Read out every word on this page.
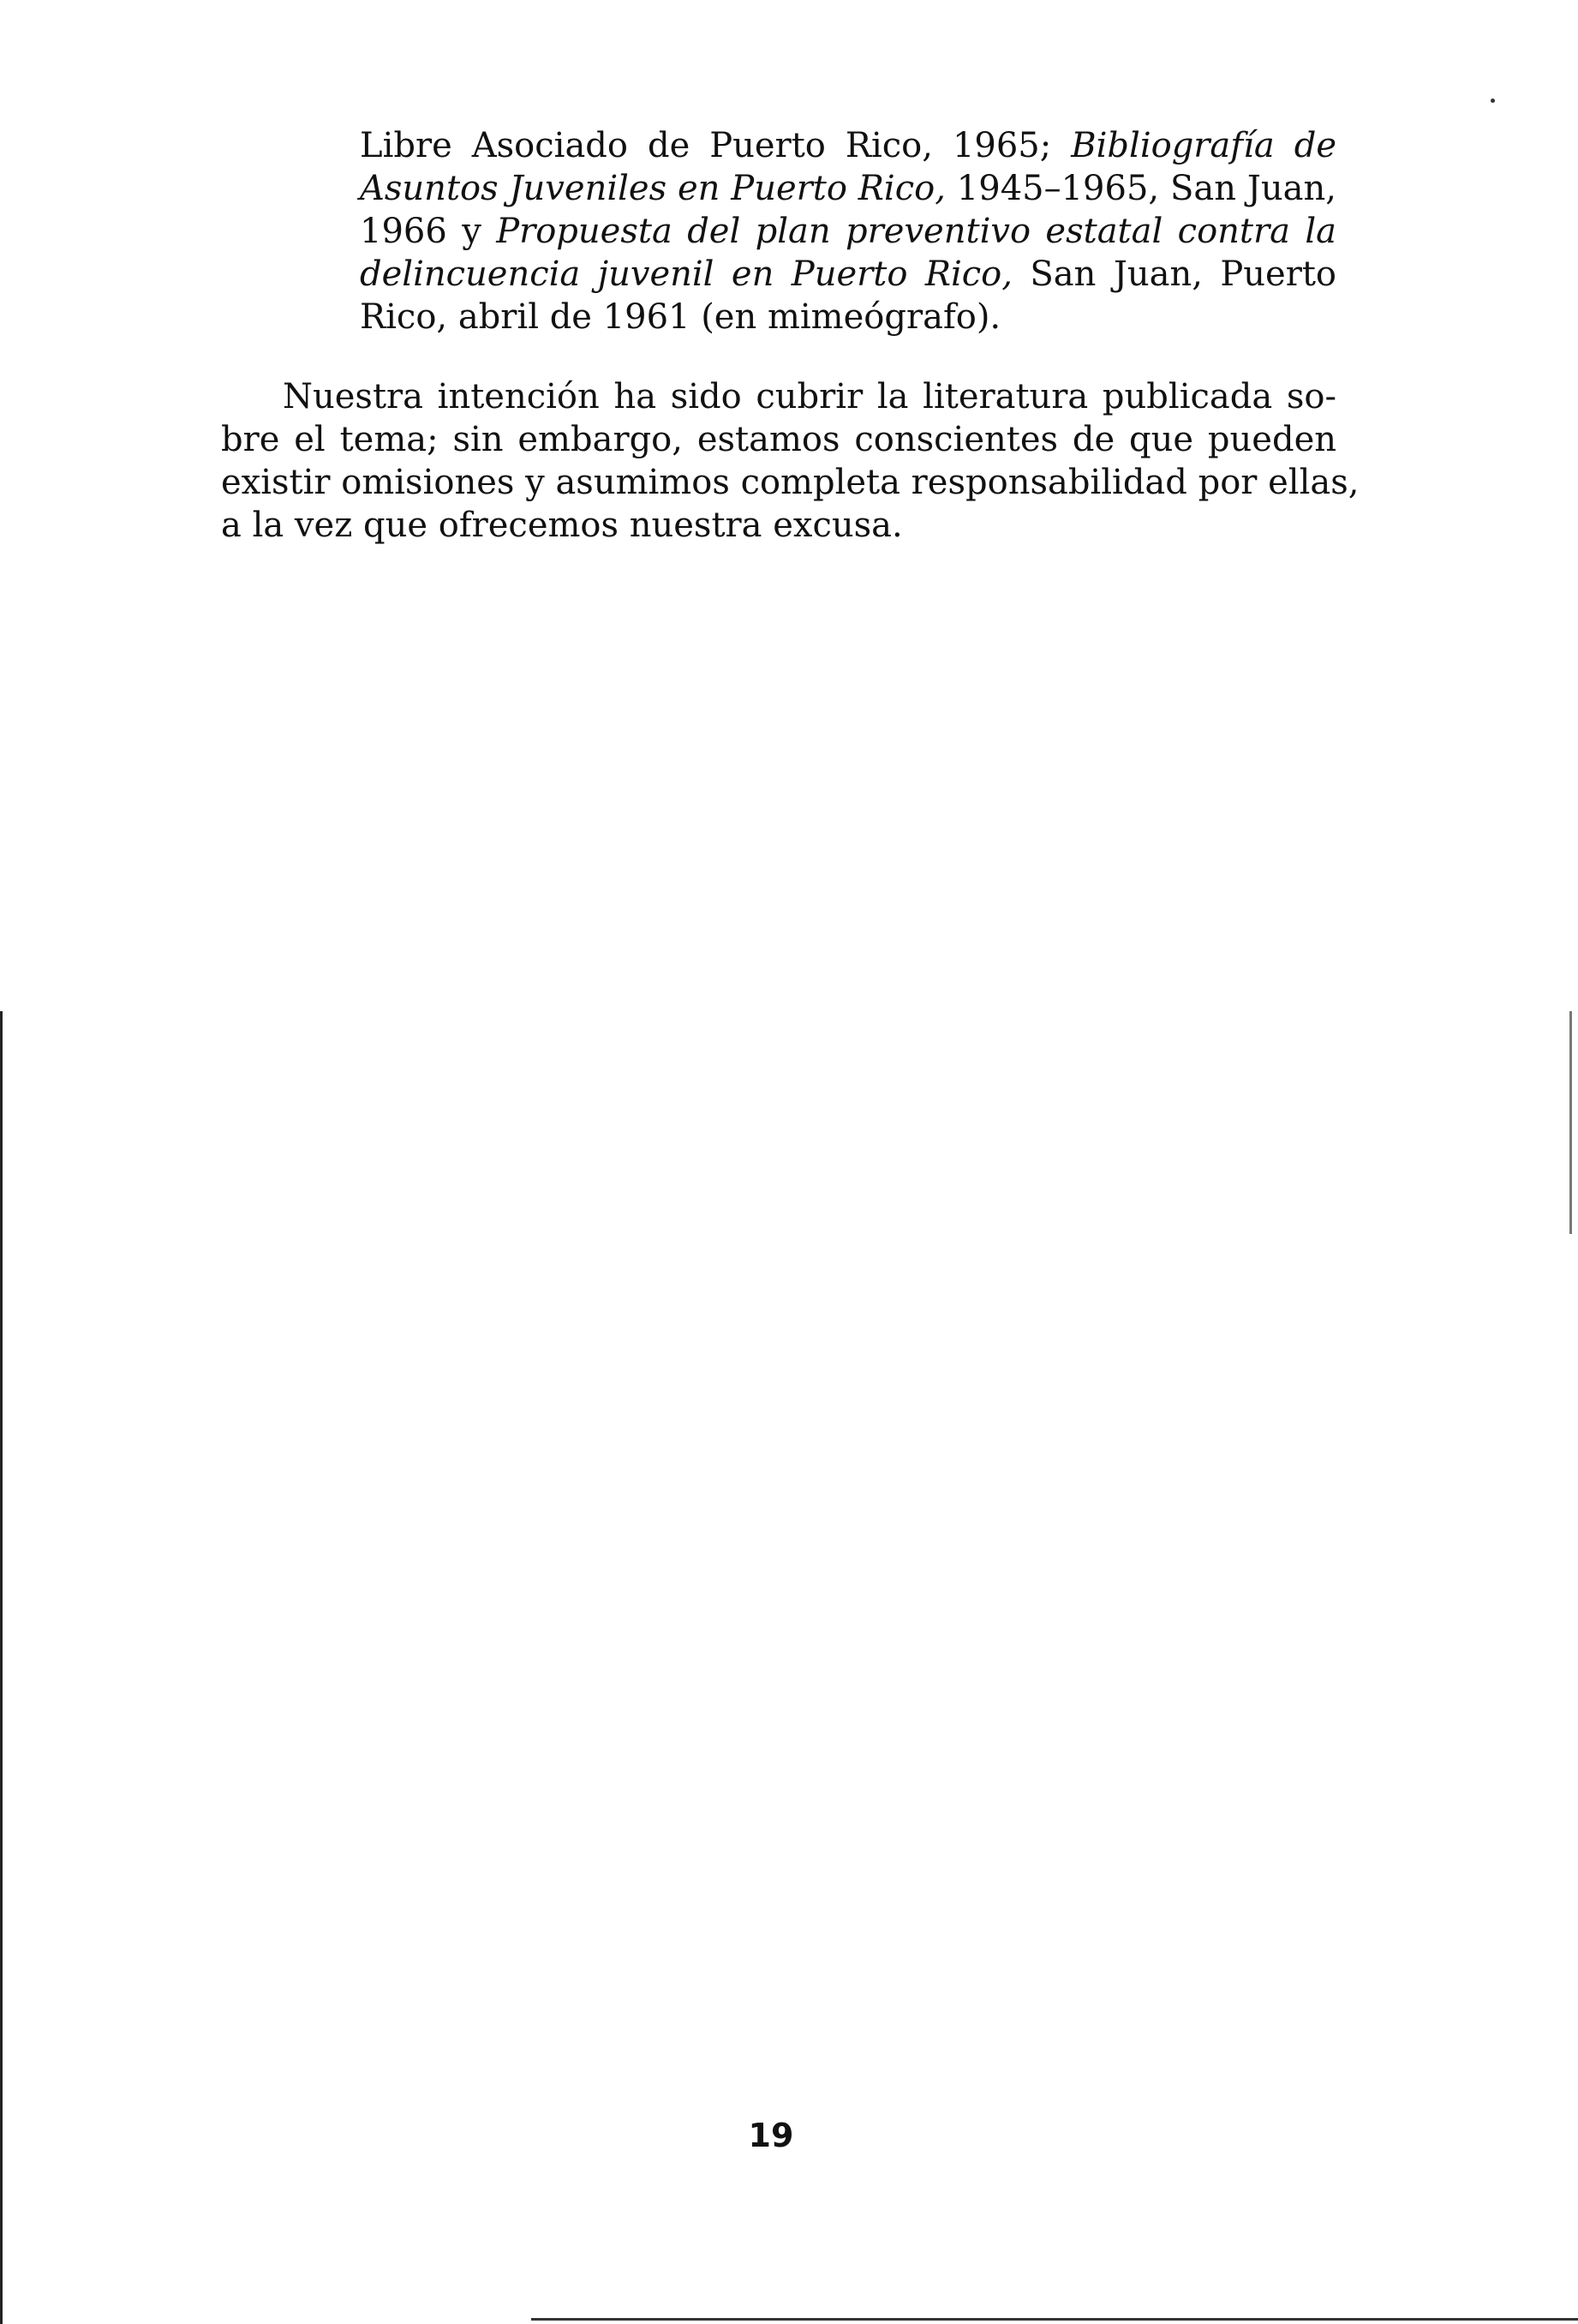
Libre Asociado de Puerto Rico, 1965; Bibliografía de
Asuntos Juveniles en Puerto Rico, 1945–1965, San Juan,
1966 y Propuesta del plan preventivo estatal contra la
delincuencia juvenil en Puerto Rico, San Juan, Puerto
Rico, abril de 1961 (en mimeógrafo).
Nuestra intención ha sido cubrir la literatura publicada so-
bre el tema; sin embargo, estamos conscientes de que pueden
existir omisiones y asumimos completa responsabilidad por ellas,
a la vez que ofrecemos nuestra excusa.
19
